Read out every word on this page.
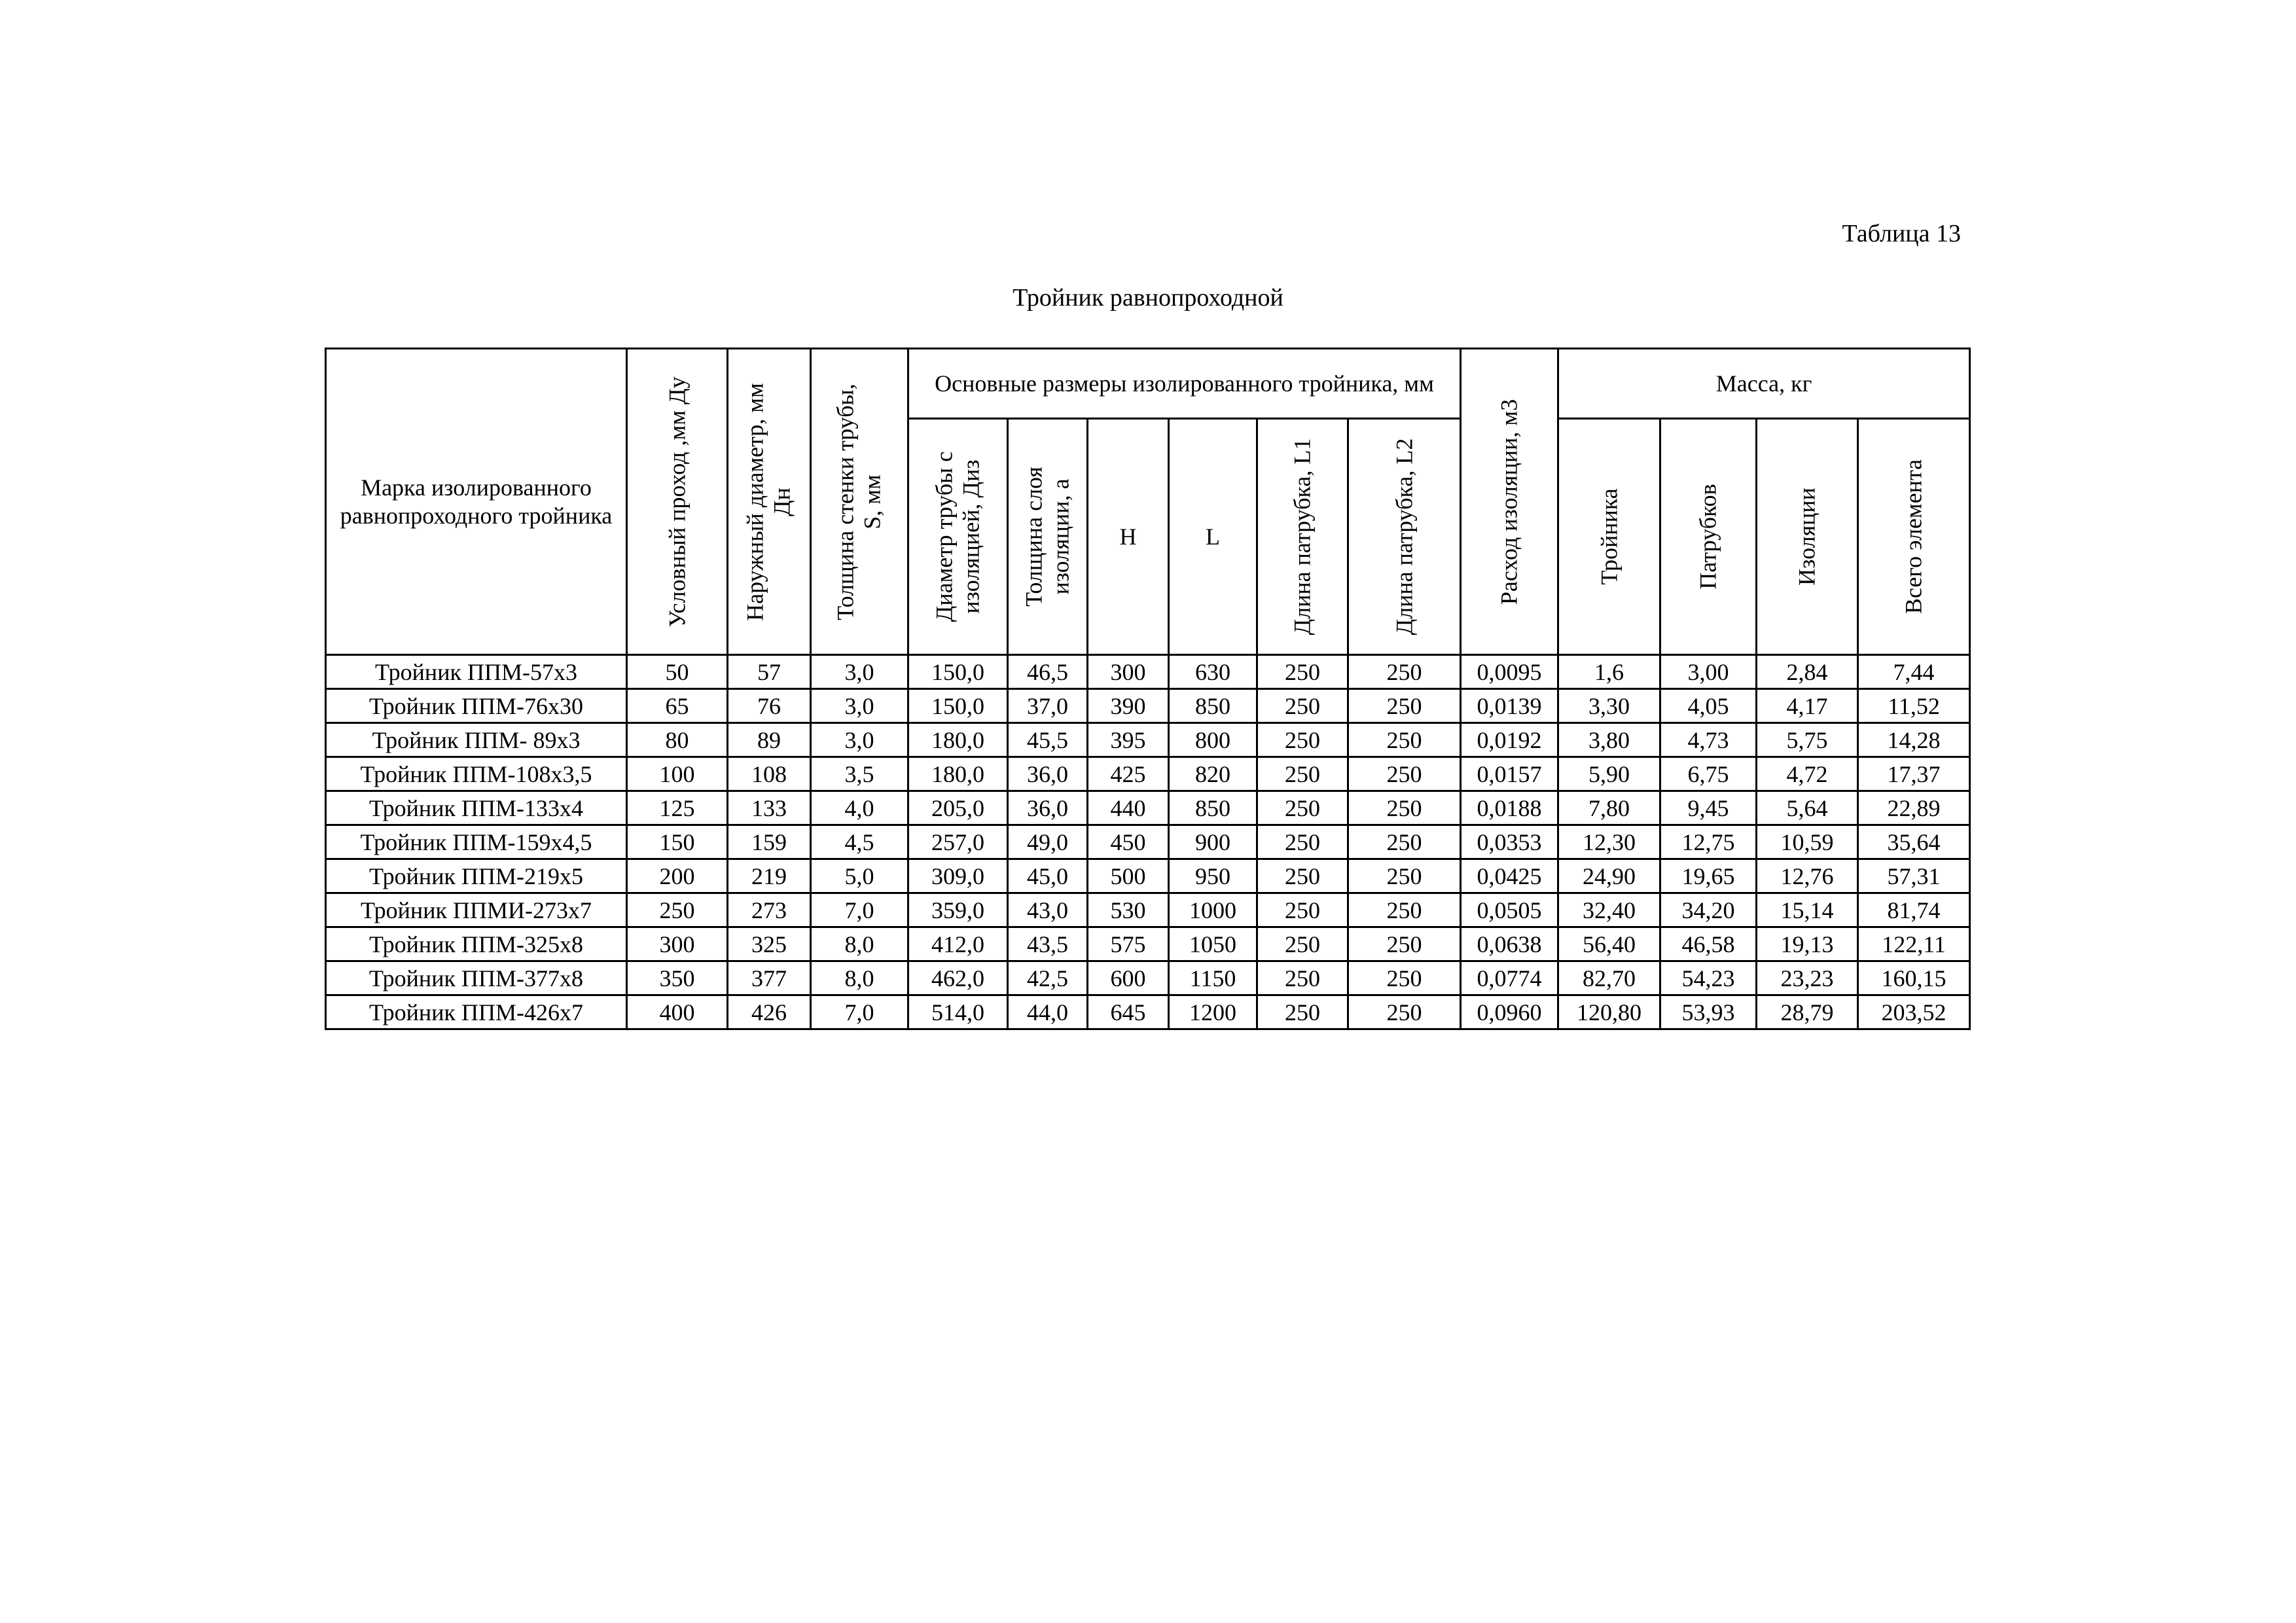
Таблица 13
Тройник равнопроходной
Марка изолированного равнопроходного тройника	Условный проход ,мм Ду	Наружный диаметр, мм Дн	Толщина стенки трубы, S, мм	Основные размеры изолированного тройника, мм						Расход изоляции, м3	Масса, кг			

				Диаметр трубы с изоляцией, Диз	Толщина слоя изоляции, а	H	L	Длина патрубка, L1	Длина патрубка, L2		Тройника	Патрубков	Изоляции	Всего элемента

Тройник ППМ-57х3	50	57	3,0	150,0	46,5	300	630	250	250	0,0095	1,6	3,00	2,84	7,44
Тройник ППМ-76х30	65	76	3,0	150,0	37,0	390	850	250	250	0,0139	3,30	4,05	4,17	11,52
Тройник ППМ- 89х3	80	89	3,0	180,0	45,5	395	800	250	250	0,0192	3,80	4,73	5,75	14,28
Тройник ППМ-108х3,5	100	108	3,5	180,0	36,0	425	820	250	250	0,0157	5,90	6,75	4,72	17,37
Тройник ППМ-133х4	125	133	4,0	205,0	36,0	440	850	250	250	0,0188	7,80	9,45	5,64	22,89
Тройник ППМ-159х4,5	150	159	4,5	257,0	49,0	450	900	250	250	0,0353	12,30	12,75	10,59	35,64
Тройник ППМ-219х5	200	219	5,0	309,0	45,0	500	950	250	250	0,0425	24,90	19,65	12,76	57,31
Тройник ППМИ-273х7	250	273	7,0	359,0	43,0	530	1000	250	250	0,0505	32,40	34,20	15,14	81,74
Тройник ППМ-325х8	300	325	8,0	412,0	43,5	575	1050	250	250	0,0638	56,40	46,58	19,13	122,11
Тройник ППМ-377х8	350	377	8,0	462,0	42,5	600	1150	250	250	0,0774	82,70	54,23	23,23	160,15
Тройник ППМ-426х7	400	426	7,0	514,0	44,0	645	1200	250	250	0,0960	120,80	53,93	28,79	203,52
